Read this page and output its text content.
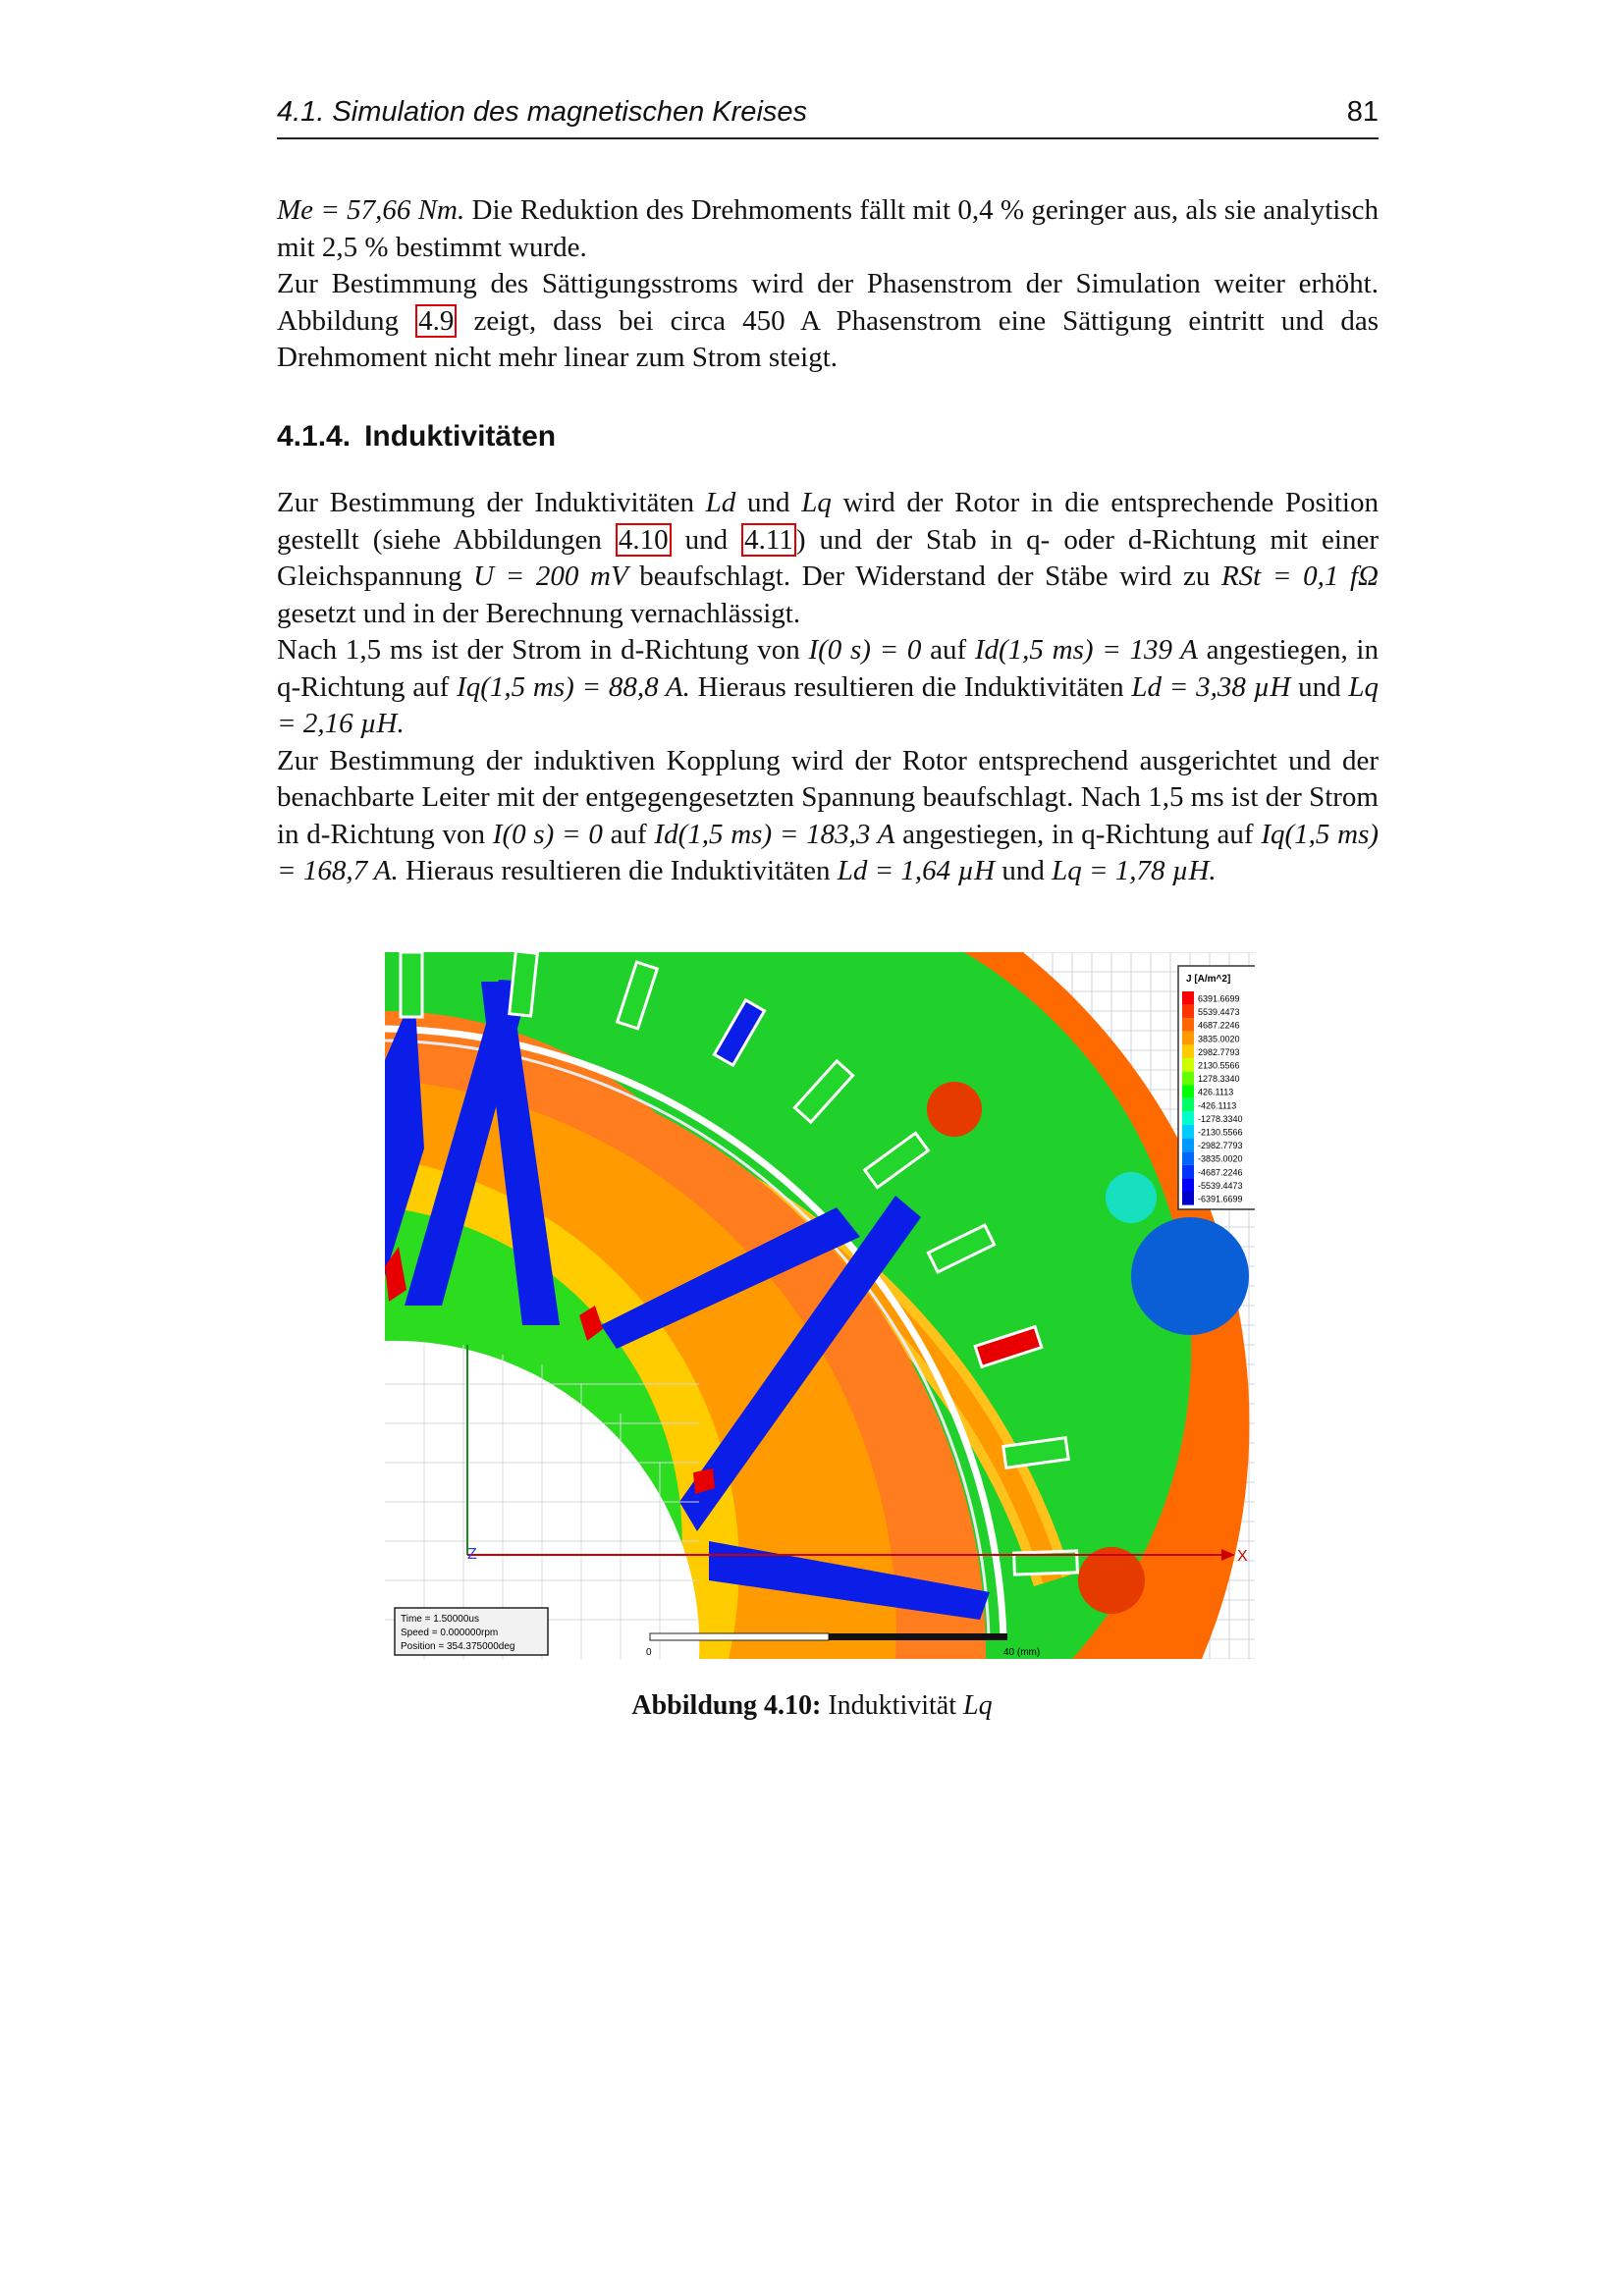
4.1. Simulation des magnetischen Kreises	81

Me = 57,66 Nm. Die Reduktion des Drehmoments fällt mit 0,4 % geringer aus, als sie analytisch mit 2,5 % bestimmt wurde.

Zur Bestimmung des Sättigungsstroms wird der Phasenstrom der Simulation weiter erhöht. Abbildung 4.9 zeigt, dass bei circa 450 A Phasenstrom eine Sättigung eintritt und das Drehmoment nicht mehr linear zum Strom steigt.

4.1.4. Induktivitäten

Zur Bestimmung der Induktivitäten Ld und Lq wird der Rotor in die entsprechende Position gestellt (siehe Abbildungen 4.10 und 4.11 ) und der Stab in q- oder d-Richtung mit einer Gleichspannung U = 200 mV beaufschlagt. Der Widerstand der Stäbe wird zu RSt = 0,1 fΩ gesetzt und in der Berechnung vernachlässigt.

Nach 1,5 ms ist der Strom in d-Richtung von I(0 s) = 0 auf Id(1,5 ms) = 139 A angestiegen, in q-Richtung auf Iq(1,5 ms) = 88,8 A. Hieraus resultieren die Induktivitäten Ld = 3,38 µH und Lq = 2,16 µH.

Zur Bestimmung der induktiven Kopplung wird der Rotor entsprechend ausgerichtet und der benachbarte Leiter mit der entgegengesetzten Spannung beaufschlagt. Nach 1,5 ms ist der Strom in d-Richtung von I(0 s) = 0 auf Id(1,5 ms) = 183,3 A angestiegen, in q-Richtung auf Iq(1,5 ms) = 168,7 A. Hieraus resultieren die Induktivitäten Ld = 1,64 µH und Lq = 1,78 µH.

Z	X
J [A/m^2]
6391.6699
5539.4473
4687.2246
3835.0020
2982.7793
2130.5566
1278.3340
426.1113
-426.1113
-1278.3340
-2130.5566
-2982.7793
-3835.0020
-4687.2246
-5539.4473
-6391.6699
Time = 1.50000us
Speed = 0.000000rpm
Position = 354.375000deg
0	40 (mm)
Abbildung 4.10: Induktivität Lq
